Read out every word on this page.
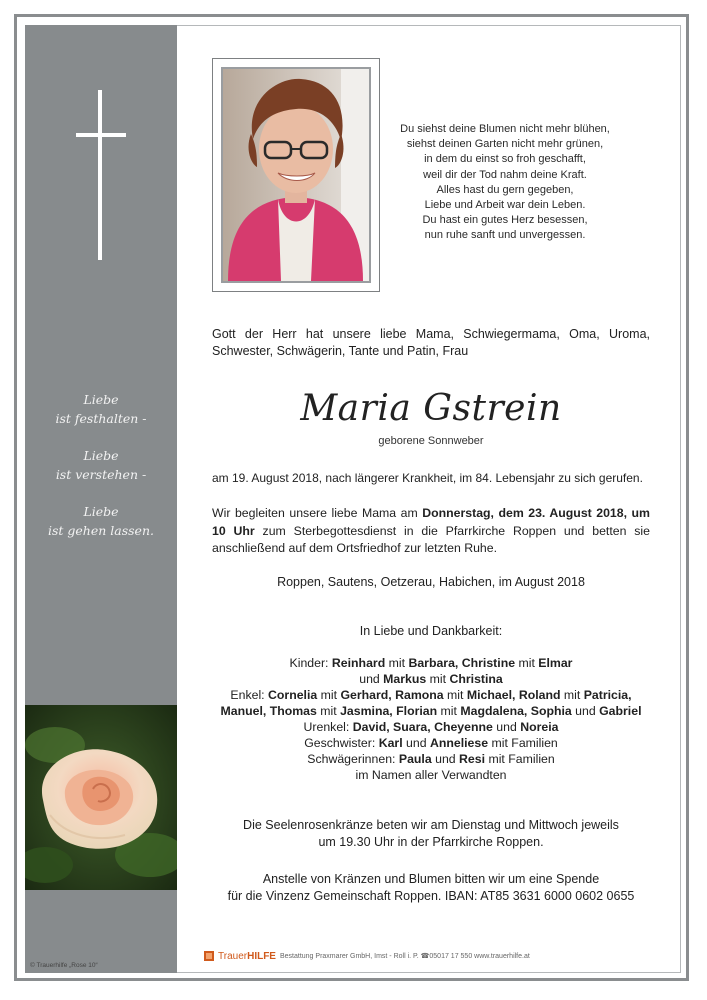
Liebe
ist festhalten -
Liebe
ist verstehen -
Liebe
ist gehen lassen.
Du siehst deine Blumen nicht mehr blühen,
siehst deinen Garten nicht mehr grünen,
in dem du einst so froh geschafft,
weil dir der Tod nahm deine Kraft.
Alles hast du gern gegeben,
Liebe und Arbeit war dein Leben.
Du hast ein gutes Herz besessen,
nun ruhe sanft und unvergessen.
Gott der Herr hat unsere liebe Mama, Schwiegermama, Oma, Uroma, Schwester, Schwägerin, Tante und Patin, Frau
Maria Gstrein
geborene Sonnweber
am 19. August 2018, nach längerer Krankheit, im 84. Lebensjahr zu sich gerufen.
Wir begleiten unsere liebe Mama am Donnerstag, dem 23. August 2018, um 10 Uhr zum Sterbegottesdienst in die Pfarrkirche Roppen und betten sie anschließend auf dem Ortsfriedhof zur letzten Ruhe.
Roppen, Sautens, Oetzerau, Habichen, im August 2018
In Liebe und Dankbarkeit:
Kinder: Reinhard mit Barbara, Christine mit Elmar
und Markus mit Christina
Enkel: Cornelia mit Gerhard, Ramona mit Michael, Roland mit Patricia,
Manuel, Thomas mit Jasmina, Florian mit Magdalena, Sophia und Gabriel
Urenkel: David, Suara, Cheyenne und Noreia
Geschwister: Karl und Anneliese mit Familien
Schwägerinnen: Paula und Resi mit Familien
im Namen aller Verwandten
Die Seelenrosenkränze beten wir am Dienstag und Mittwoch jeweils
um 19.30 Uhr in der Pfarrkirche Roppen.
Anstelle von Kränzen und Blumen bitten wir um eine Spende
für die Vinzenz Gemeinschaft Roppen. IBAN: AT85 3631 6000 0602 0655
TrauerHILFE Bestattung Praxmarer GmbH, Imst - Roll i. P. ☎05017 17 550 www.trauerhilfe.at
© Trauerhilfe „Rose 10“
